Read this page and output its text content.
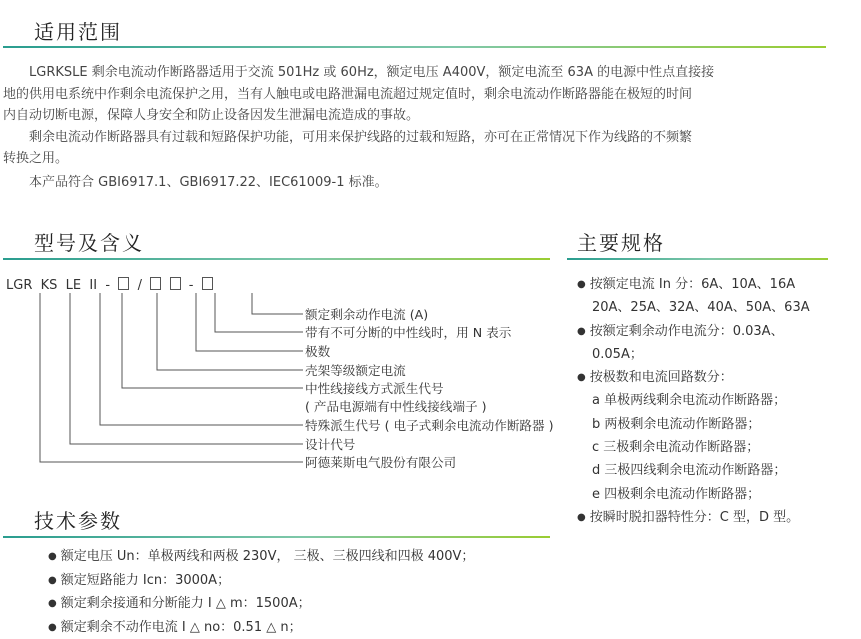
适用范围

LGRKSLE 剩余电流动作断路器适用于交流 501Hz 或 60Hz，额定电压 A400V，额定电流至 63A 的电源中性点直接接

地的供用电系统中作剩余电流保护之用，当有人触电或电路泄漏电流超过规定值时，剩余电流动作断路器能在极短的时间

内自动切断电源，保障人身安全和防止设备因发生泄漏电流造成的事故。

剩余电流动作断路器具有过载和短路保护功能，可用来保护线路的过载和短路，亦可在正常情况下作为线路的不频繁

转换之用。

本产品符合 GBI6917.1、GBI6917.22、IEC61009-1 标准。

型号及含义	主要规格
LGR KS LE II - /	-
额定剩余动作电流 (A)
带有不可分断的中性线时，用 N 表示
极数
壳架等级额定电流
中性线接线方式派生代号
( 产品电源端有中性线接线端子 )
特殊派生代号 ( 电子式剩余电流动作断路器 )
设计代号
阿德莱斯电气股份有限公司
● 按额定电流 In 分：6A、10A、16A
20A、25A、32A、40A、50A、63A
● 按额定剩余动作电流分：0.03A、
0.05A；
● 按极数和电流回路数分：
a 单极两线剩余电流动作断路器；
b 两极剩余电流动作断路器；
c 三极剩余电流动作断路器；
d 三极四线剩余电流动作断路器；
e 四极剩余电流动作断路器；
● 按瞬时脱扣器特性分：C 型，D 型。
技术参数
● 额定电压 Un：单极两线和两极 230V， 三极、三极四线和四极 400V；
● 额定短路能力 Icn：3000A；
● 额定剩余接通和分断能力 I △ m：1500A；
● 额定剩余不动作电流 I △ no：0.51 △ n；
